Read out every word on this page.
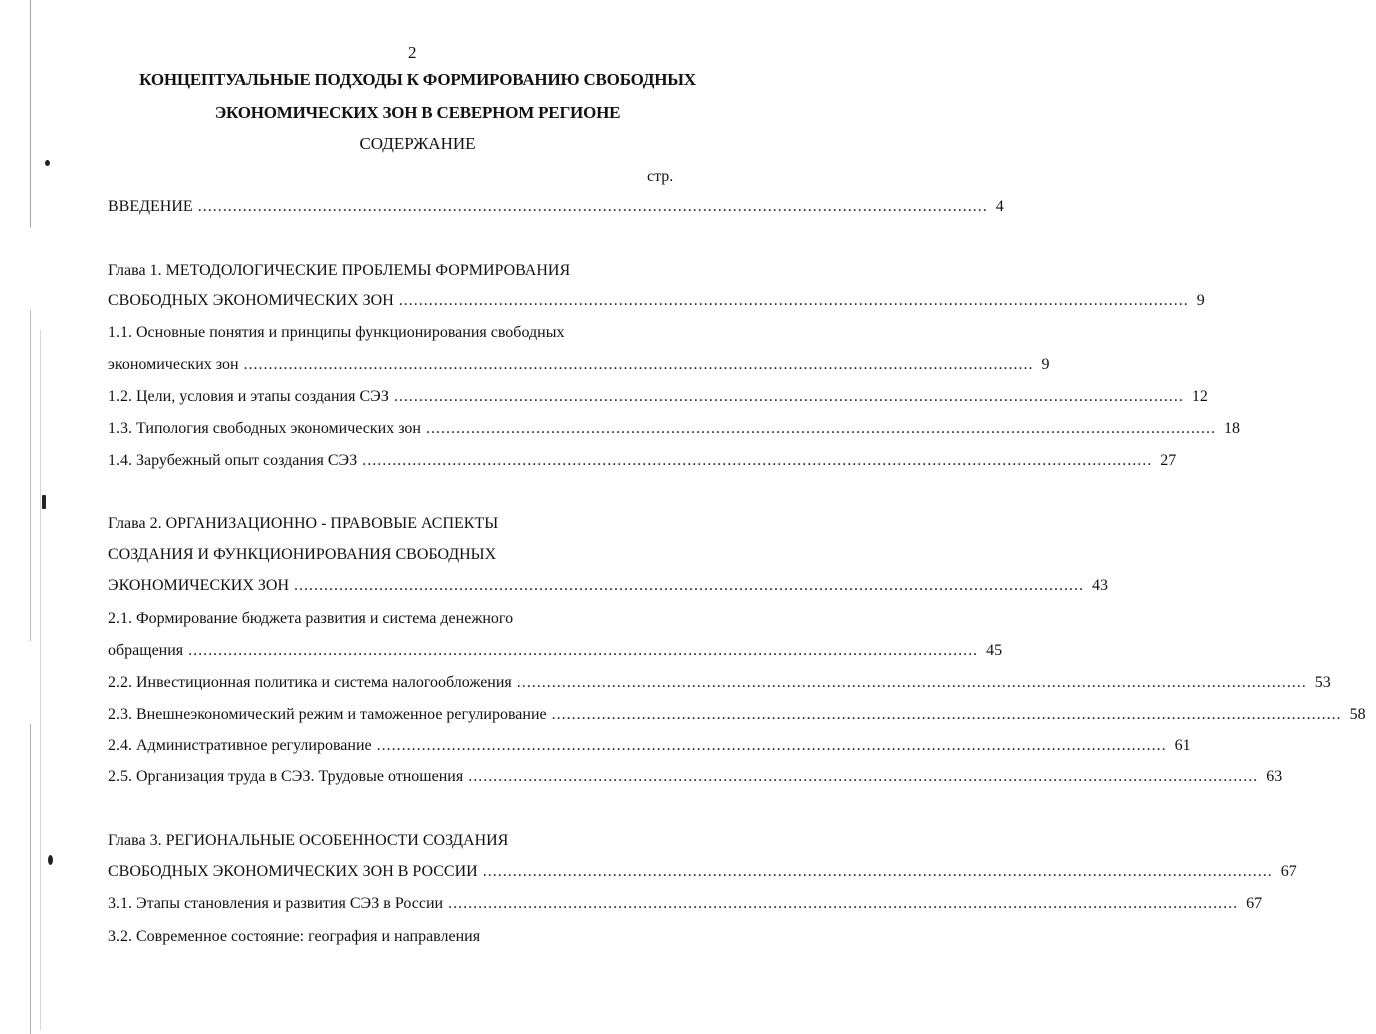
2
КОНЦЕПТУАЛЬНЫЕ ПОДХОДЫ К ФОРМИРОВАНИЮ СВОБОДНЫХ
ЭКОНОМИЧЕСКИХ ЗОН В СЕВЕРНОМ РЕГИОНЕ
СОДЕРЖАНИЕ
стр.
ВВЕДЕНИЕ .............................................................................................................................................................. 4
Глава 1. МЕТОДОЛОГИЧЕСКИЕ ПРОБЛЕМЫ ФОРМИРОВАНИЯ
СВОБОДНЫХ ЭКОНОМИЧЕСКИХ ЗОН .............................................................................................................................................................. 9
1.1. Основные понятия и принципы функционирования свободных
экономических зон .............................................................................................................................................................. 9
1.2. Цели, условия и этапы создания СЭЗ .............................................................................................................................................................. 12
1.3. Типология свободных экономических зон .............................................................................................................................................................. 18
1.4. Зарубежный опыт создания СЭЗ .............................................................................................................................................................. 27
Глава 2. ОРГАНИЗАЦИОННО - ПРАВОВЫЕ АСПЕКТЫ
СОЗДАНИЯ И ФУНКЦИОНИРОВАНИЯ СВОБОДНЫХ
ЭКОНОМИЧЕСКИХ ЗОН .............................................................................................................................................................. 43
2.1. Формирование бюджета развития и система денежного
обращения .............................................................................................................................................................. 45
2.2. Инвестиционная политика и система налогообложения .............................................................................................................................................................. 53
2.3. Внешнеэкономический режим и таможенное регулирование .............................................................................................................................................................. 58
2.4. Административное регулирование .............................................................................................................................................................. 61
2.5. Организация труда в СЭЗ. Трудовые отношения .............................................................................................................................................................. 63
Глава 3. РЕГИОНАЛЬНЫЕ ОСОБЕННОСТИ СОЗДАНИЯ
СВОБОДНЫХ ЭКОНОМИЧЕСКИХ ЗОН В РОССИИ .............................................................................................................................................................. 67
3.1. Этапы становления и развития СЭЗ в России .............................................................................................................................................................. 67
3.2. Современное состояние: география и направления
